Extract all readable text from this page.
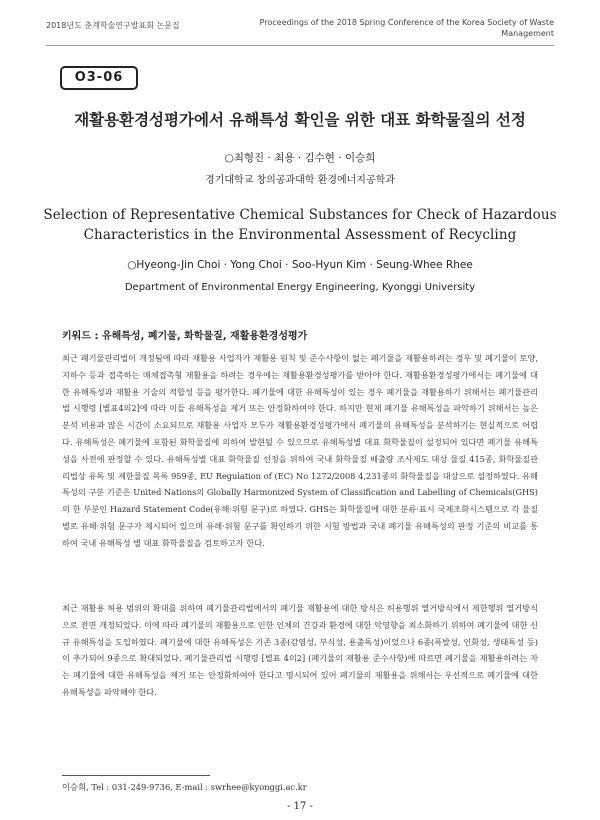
2018년도 춘계학술연구발표회 논문집	Proceedings of the 2018 Spring Conference of the Korea Society of Waste Management
O3-06
재활용환경성평가에서 유해특성 확인을 위한 대표 화학물질의 선정
○최형진 · 최용 · 김수현 · 이승희
경기대학교 창의공과대학 환경에너지공학과
Selection of Representative Chemical Substances for Check of Hazardous Characteristics in the Environmental Assessment of Recycling
○Hyeong-Jin Choi · Yong Choi · Soo-Hyun Kim · Seung-Whee Rhee
Department of Environmental Energy Engineering, Kyonggi University
키워드 : 유해특성, 폐기물, 화학물질, 재활용환경성평가

최근 폐기물관리법이 개정됨에 따라 재활용 사업자가 재활용 원칙 및 준수사항이 없는 폐기물을 재활용하려는 경우 및 폐기물이 토양, 지하수 등과 접촉하는 매체접촉형 재활용을 하려는 경우에는 재활용환경성평가를 받아야 한다. 재활용환경성평가에서는 폐기물에 대한 유해특성과 재활용 기술의 적합성 등을 평가한다. 폐기물에 대한 유해특성이 있는 경우 폐기물을 재활용하기 위해서는 폐기물관리법 시행령 [별표4의2]에 따라 이들 유해특성을 제거 또는 안정화하여야 한다. 하지만 현재 폐기물 유해특성을 파악하기 위해서는 높은 분석 비용과 많은 시간이 소요되므로 재활용 사업자 모두가 재활용환경성평가에서 폐기물의 유해특성을 분석하기는 현실적으로 어렵다. 유해특성은 폐기물에 포함된 화학물질에 의하여 발현될 수 있으므로 유해특성별 대표 화학물질이 설정되어 있다면 폐기물 유해특성을 사전에 판정할 수 있다. 유해특성별 대표 화학물질 선정을 위하여 국내 화학물질 배출량 조사제도 대상 물질 415종, 화학물질관리법상 유독 및 제한물질 목록 959종, EU Regulation of (EC) No 1272/2008 4,231종의 화학물질을 대상으로 설정하였다. 유해특성의 구분 기준은 United Nations의 Globally Harmonized System of Classification and Labelling of Chemicals(GHS)의 한 부분인 Hazard Statement Code(유해·위험 문구)로 하였다. GHS는 화학물질에 대한 분류·표시 국제조화시스템으로 각 물질별로 유해·위험 문구가 제시되어 있으며 유해·위험 문구를 확인하기 위한 시험 방법과 국내 폐기물 유해특성의 판정 기준의 비교를 통하여 국내 유해특성 별 대표 화학물질을 검토하고자 한다.

최근 재활용 허용 범위의 확대를 위하여 폐기물관리법에서의 폐기물 재활용에 대한 방식은 허용행위 열거방식에서 제한행위 열거방식으로 전면 개정되었다. 이에 따라 폐기물의 재활용으로 인한 인체의 건강과 환경에 대한 악영향을 최소화하기 위하여 폐기물에 대한 신규 유해특성을 도입하였다. 폐기물에 대한 유해특성은 기존 3종(감염성, 부식성, 용출독성)이었으나 6종(폭발성, 인화성, 생태독성 등)이 추가되어 9종으로 확대되었다. 폐기물관리법 시행령 [별표 4의2] (폐기물의 재활용 준수사항)에 따르면 폐기물을 재활용하려는 자는 폐기물에 대한 유해특성을 제거 또는 안정화하여야 한다고 명시되어 있어 폐기물의 재활용을 위해서는 우선적으로 폐기물에 대한 유해특성을 파악해야 한다.

이승희, Tel : 031-249-9736, E-mail : swrhee@kyonggi.ac.kr
- 17 -
